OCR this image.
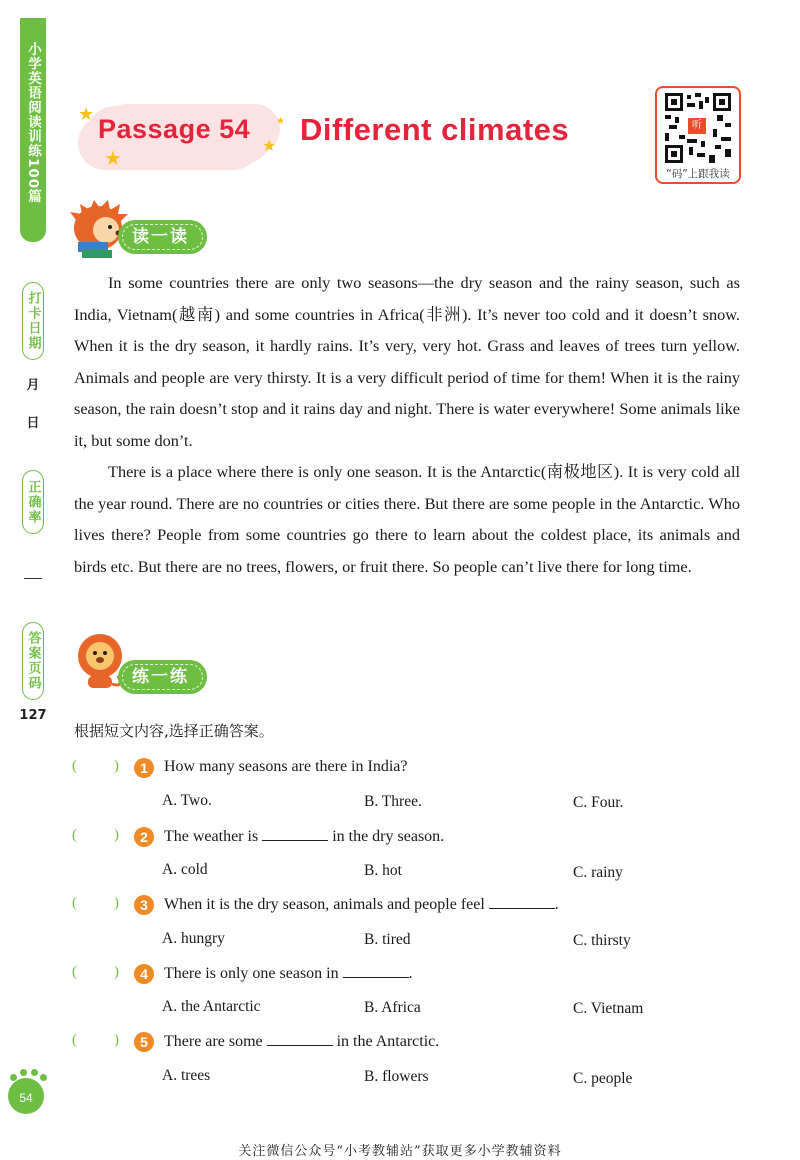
小学英语阅读训练100篇
打卡日期
月
日
正确率
答案页码
127
★
★
★
★
Passage 54 Different climates	听
“码”上跟我读
读一读

In some countries there are only two seasons—the dry season and the rainy season, such as India, Vietnam(越南) and some countries in Africa(非洲). It’s never too cold and it doesn’t snow. When it is the dry season, it hardly rains. It’s very, very hot. Grass and leaves of trees turn yellow. Animals and people are very thirsty. It is a very difficult period of time for them! When it is the rainy season, the rain doesn’t stop and it rains day and night. There is water everywhere! Some animals like it, but some don’t.

There is a place where there is only one season. It is the Antarctic(南极地区). It is very cold all the year round. There are no countries or cities there. But there are some people in the Antarctic. Who lives there? People from some countries go there to learn about the coldest place, its animals and birds etc. But there are no trees, flowers, or fruit there. So people can’t live there for long time.

练一练
根据短文内容,选择正确答案。
( )	1	How many seasons are there in India?
A. Two.	B. Three.	C. Four.
( )	2	The weather is	in the dry season.
A. cold	B. hot	C. rainy
( )	3	When it is the dry season, animals and people feel	.
A. hungry	B. tired	C. thirsty
( )	4	There is only one season in	.
A. the Antarctic	B. Africa	C. Vietnam
( )	5	There are some	in the Antarctic.
A. trees	B. flowers	C. people
54
关注微信公众号“小考教辅站”获取更多小学教辅资料
